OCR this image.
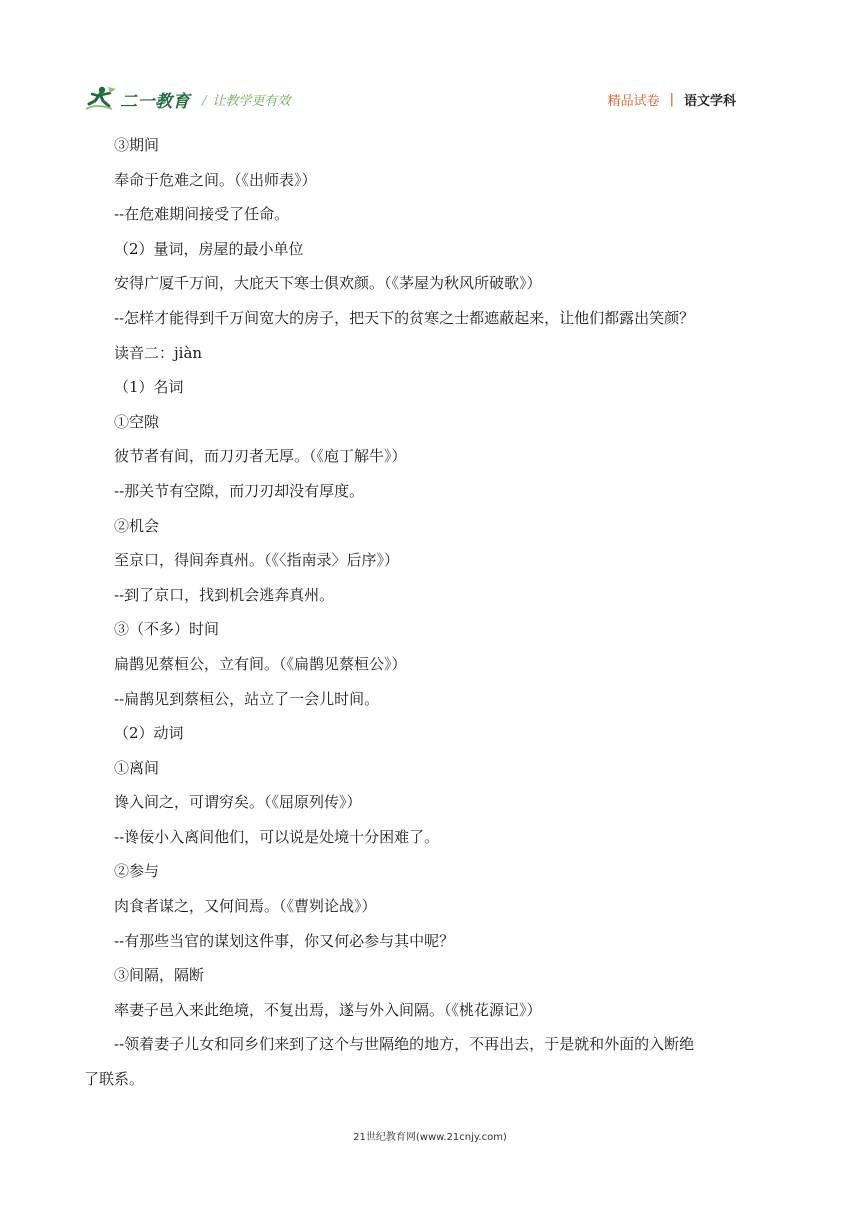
二一教育 / 让教学更有效	精品试卷 | 语文学科
③期间
奉命于危难之间。（《出师表》）
--在危难期间接受了任命。
（2）量词，房屋的最小单位
安得广厦千万间，大庇天下寒士俱欢颜。（《茅屋为秋风所破歌》）
--怎样才能得到千万间宽大的房子，把天下的贫寒之士都遮蔽起来，让他们都露出笑颜？
读音二：jiàn
（1）名词
①空隙
彼节者有间，而刀刃者无厚。（《庖丁解牛》）
--那关节有空隙，而刀刃却没有厚度。
②机会
至京口，得间奔真州。（《〈指南录〉后序》）
--到了京口，找到机会逃奔真州。
③（不多）时间
扁鹊见蔡桓公，立有间。（《扁鹊见蔡桓公》）
--扁鹊见到蔡桓公，站立了一会儿时间。
（2）动词
①离间
谗入间之，可谓穷矣。（《屈原列传》）
--谗佞小入离间他们，可以说是处境十分困难了。
②参与
肉食者谋之，又何间焉。（《曹刿论战》）
--有那些当官的谋划这件事，你又何必参与其中呢？
③间隔，隔断
率妻子邑入来此绝境，不复出焉，遂与外入间隔。（《桃花源记》）
--领着妻子儿女和同乡们来到了这个与世隔绝的地方，不再出去，于是就和外面的入断绝
了联系。
21世纪教育网(www.21cnjy.com)
